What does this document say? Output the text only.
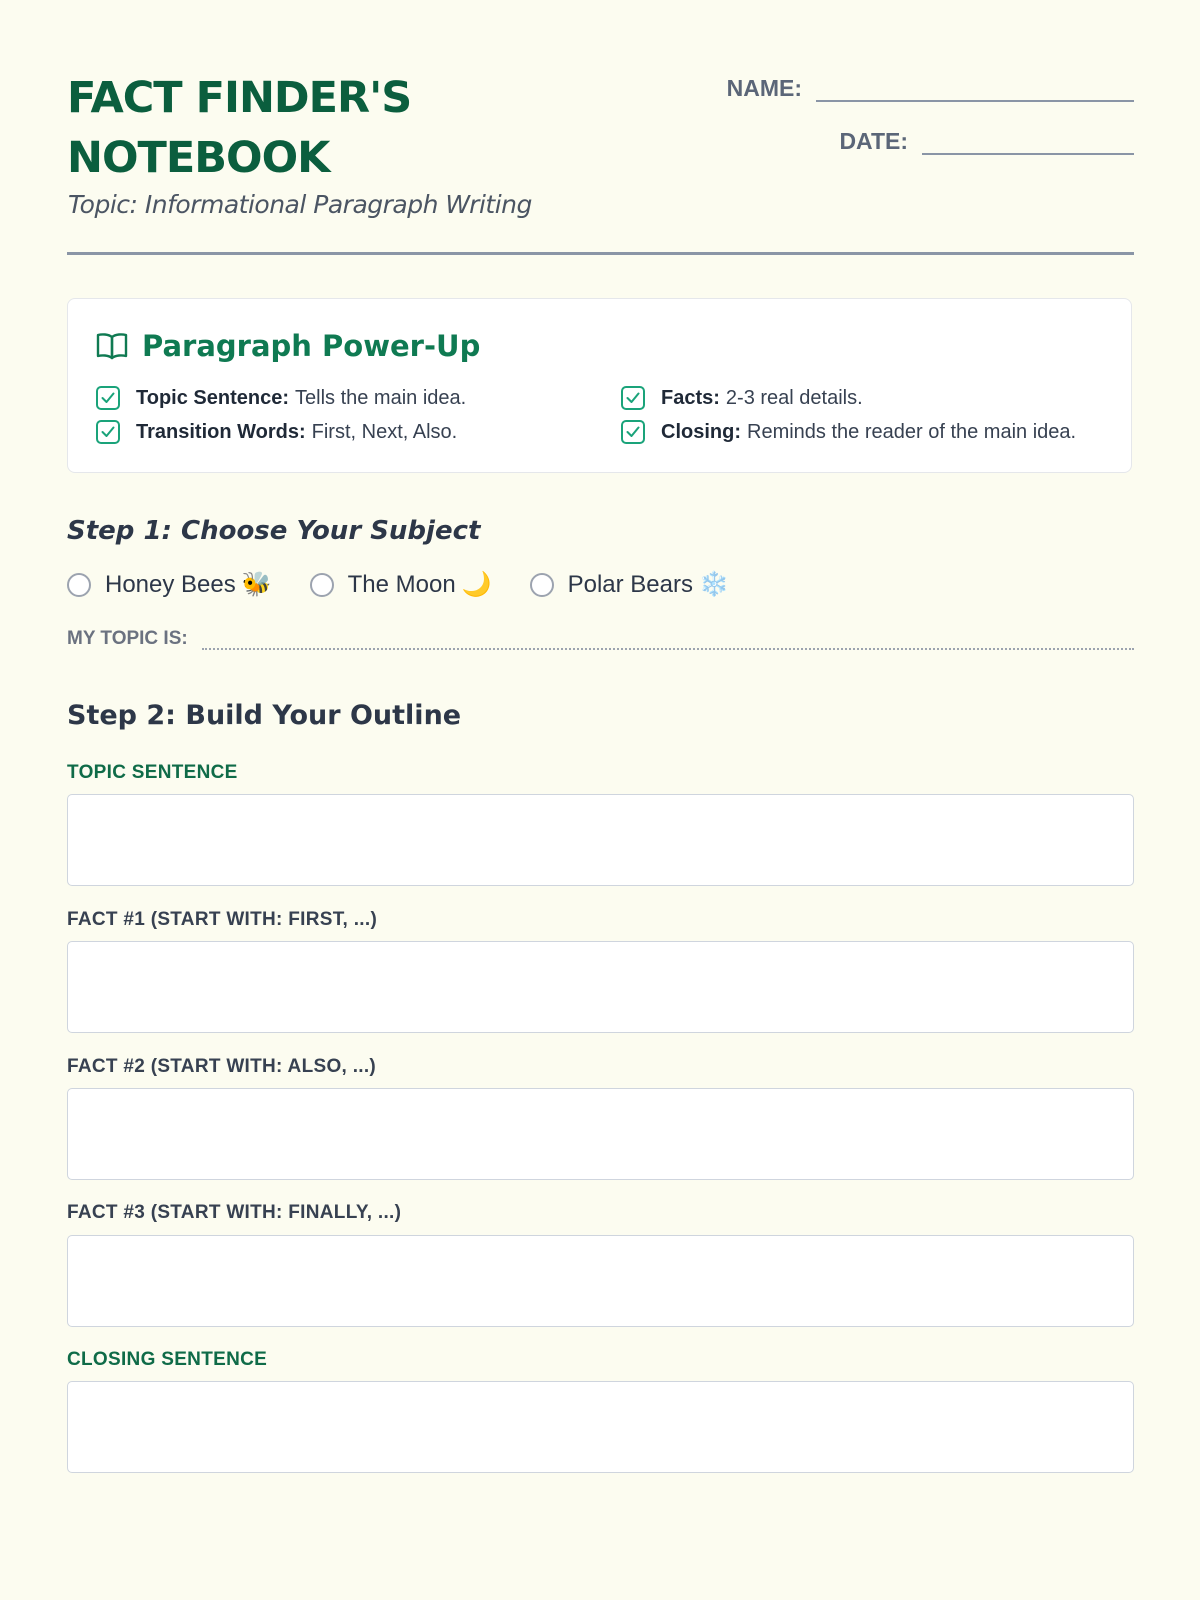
FACT FINDER'S NOTEBOOK
Topic: Informational Paragraph Writing
NAME:
DATE:
Paragraph Power-Up
Topic Sentence: Tells the main idea.	Facts: 2-3 real details.
Transition Words: First, Next, Also.	Closing: Reminds the reader of the main idea.
Step 1: Choose Your Subject
Honey Bees 🐝	The Moon 🌙	Polar Bears ❄️
MY TOPIC IS:
Step 2: Build Your Outline
TOPIC SENTENCE
FACT #1 (START WITH: FIRST, ...)
FACT #2 (START WITH: ALSO, ...)
FACT #3 (START WITH: FINALLY, ...)
CLOSING SENTENCE
